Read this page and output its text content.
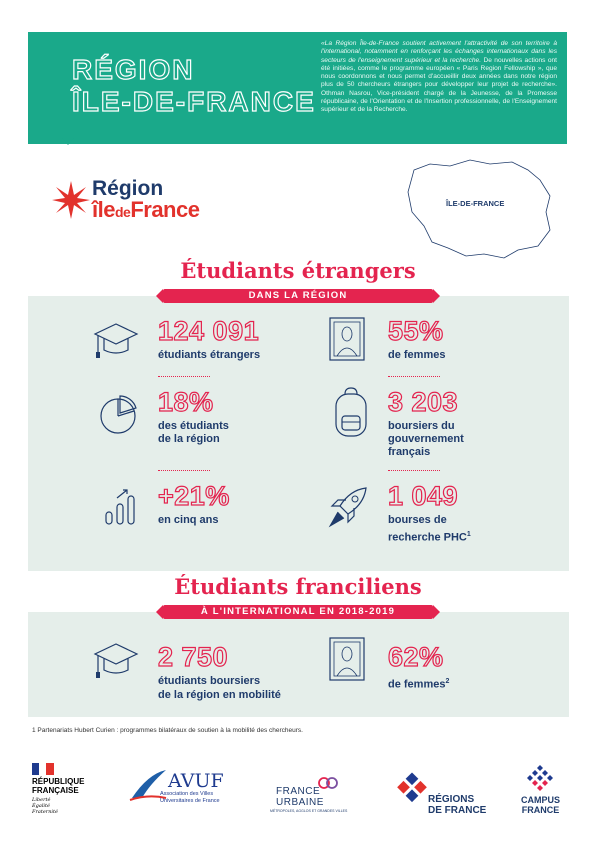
RÉGION
ÎLE-DE-FRANCE
«La Région Île-de-France soutient activement l'attractivité de son territoire à l'international, notamment en renforçant les échanges internationaux dans les secteurs de l'enseignement supérieur et la recherche. De nouvelles actions ont été initiées, comme le programme européen « Paris Region Fellowship », que nous coordonnons et nous permet d'accueillir deux années dans notre région plus de 50 chercheurs étrangers pour développer leur projet de recherche». Othman Nasrou, Vice-président chargé de la Jeunesse, de la Promesse républicaine, de l'Orientation et de l'Insertion professionnelle, de l'Enseignement supérieur et de la Recherche.
Région
îledeFrance	ÎLE-DE-FRANCE
Étudiants étrangers
DANS LA RÉGION
124 091
étudiants étrangers
55%
de femmes
18%
des étudiants
de la région
3 203
boursiers du
gouvernement
français
+21%
en cinq ans
1 049
bourses de
recherche PHC$^1$
Étudiants franciliens
À L'INTERNATIONAL EN 2018-2019
2 750
étudiants boursiers
de la région en mobilité
62%
de femmes$^2$
1 Partenariats Hubert Curien : programmes bilatéraux de soutien à la mobilité des chercheurs.
RÉPUBLIQUE
FRANÇAISE
Liberté
Égalité
Fraternité
AVUF
Association des Villes
Universitaires de France
FRANCE
URBAINE
MÉTROPOLES, AGGLOS ET GRANDES VILLES
RÉGIONS
DE FRANCE
CAMPUS
FRANCE
